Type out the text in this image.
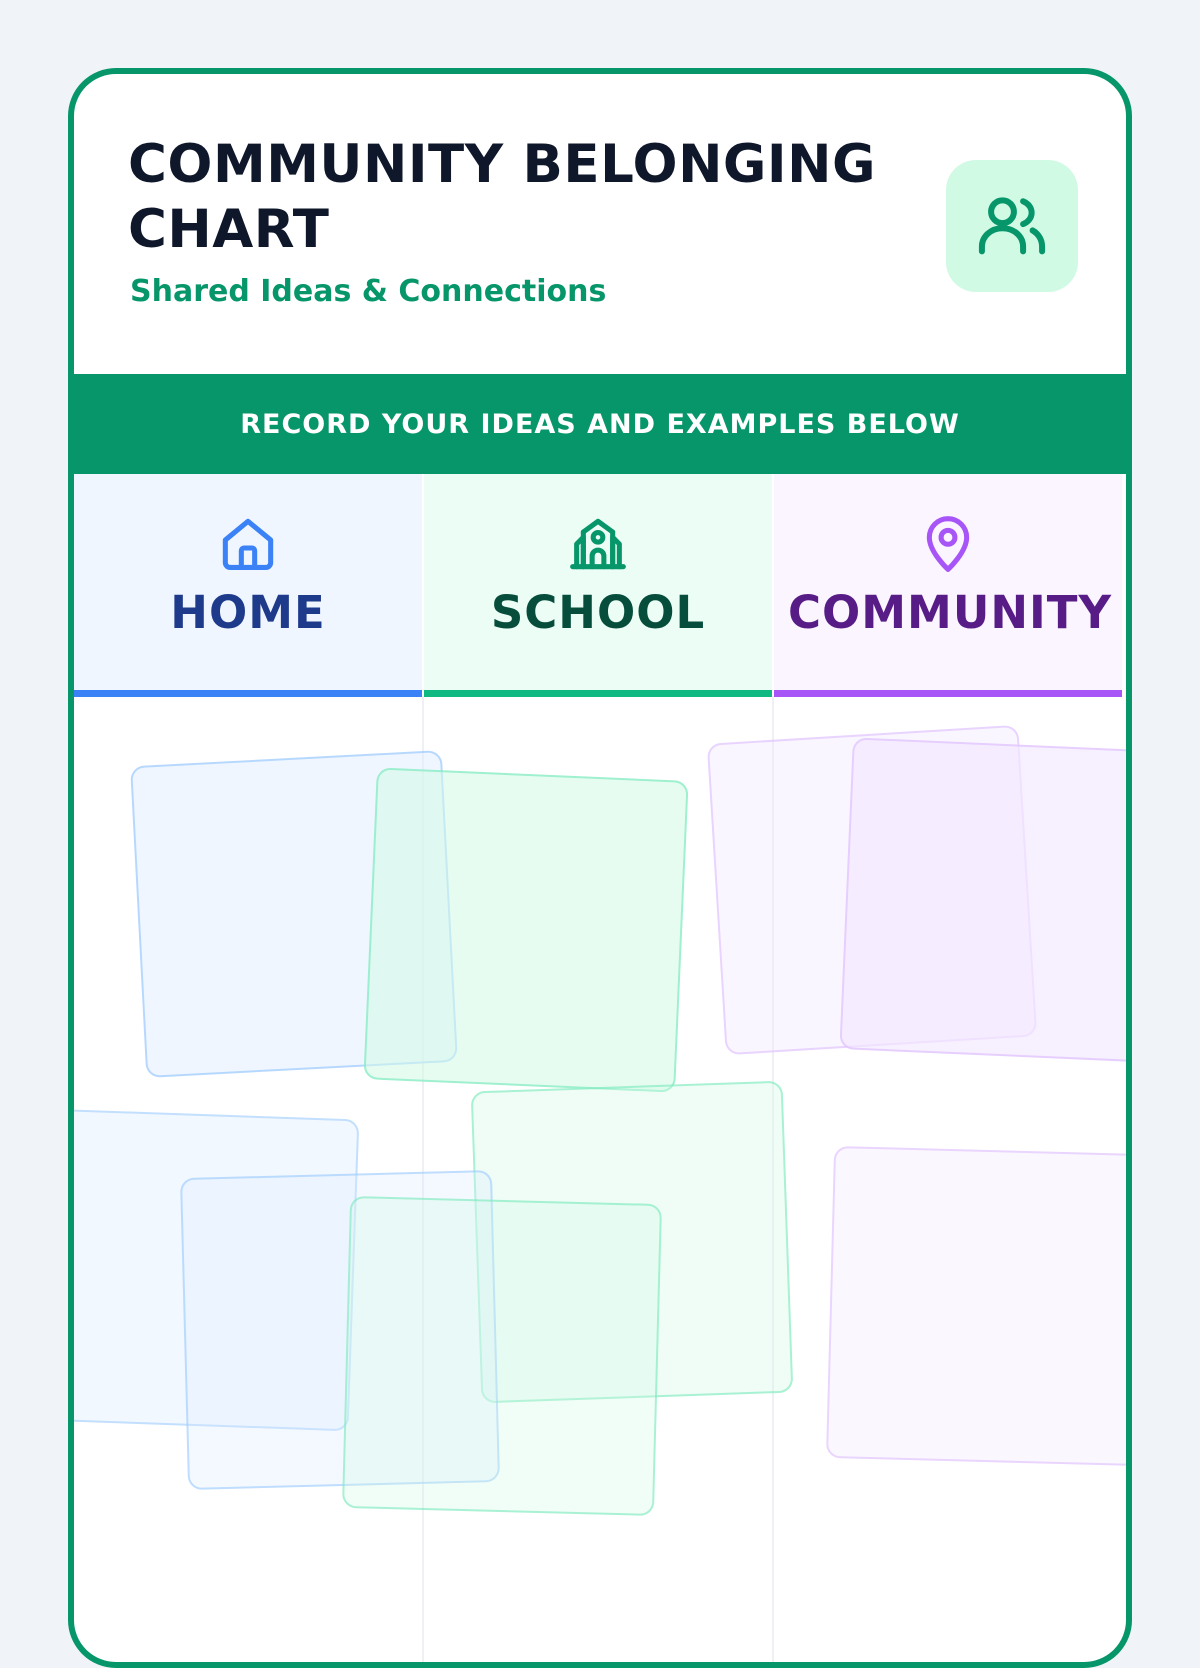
COMMUNITY BELONGING CHART

Shared Ideas & Connections

RECORD YOUR IDEAS AND EXAMPLES BELOW
HOME	SCHOOL	COMMUNITY
